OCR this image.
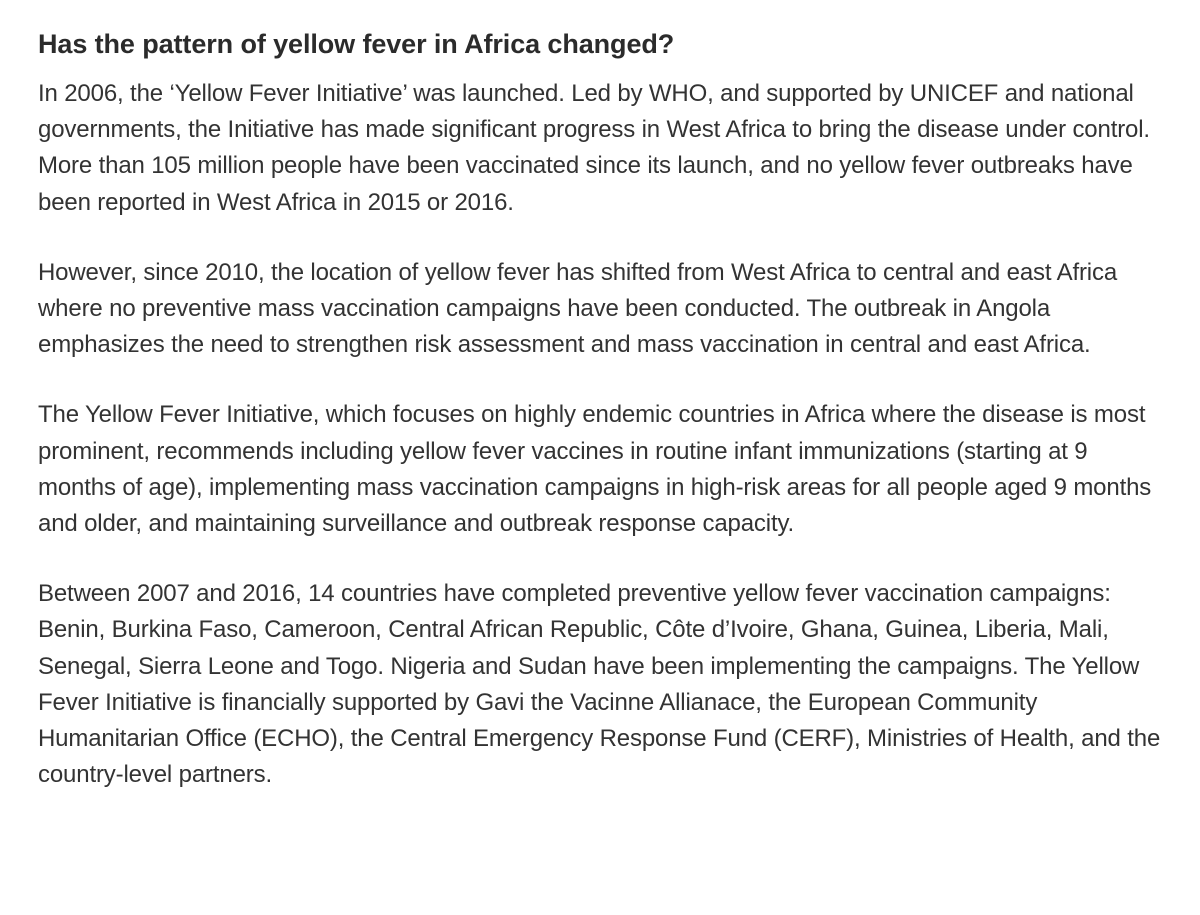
Has the pattern of yellow fever in Africa changed?

In 2006, the ‘Yellow Fever Initiative’ was launched. Led by WHO, and supported by UNICEF and national governments, the Initiative has made significant progress in West Africa to bring the disease under control. More than 105 million people have been vaccinated since its launch, and no yellow fever outbreaks have been reported in West Africa in 2015 or 2016.

However, since 2010, the location of yellow fever has shifted from West Africa to central and east Africa where no preventive mass vaccination campaigns have been conducted. The outbreak in Angola emphasizes the need to strengthen risk assessment and mass vaccination in central and east Africa.

The Yellow Fever Initiative, which focuses on highly endemic countries in Africa where the disease is most prominent, recommends including yellow fever vaccines in routine infant immunizations (starting at 9 months of age), implementing mass vaccination campaigns in high-risk areas for all people aged 9 months and older, and maintaining surveillance and outbreak response capacity.

Between 2007 and 2016, 14 countries have completed preventive yellow fever vaccination campaigns: Benin, Burkina Faso, Cameroon, Central African Republic, Côte d’Ivoire, Ghana, Guinea, Liberia, Mali, Senegal, Sierra Leone and Togo. Nigeria and Sudan have been implementing the campaigns. The Yellow Fever Initiative is financially supported by Gavi the Vacinne Allianace, the European Community Humanitarian Office (ECHO), the Central Emergency Response Fund (CERF), Ministries of Health, and the country-level partners.
